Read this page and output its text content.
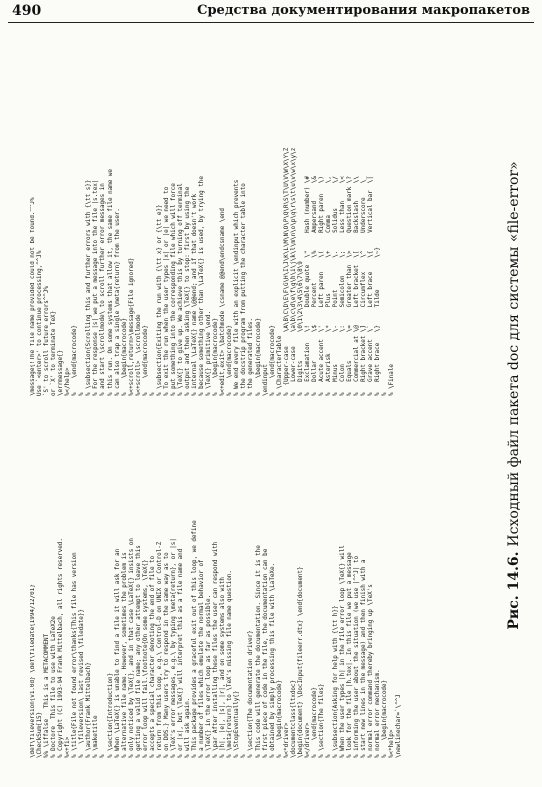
490	Средства документирования макропакетов
\def\fileversion{v1.0d} \def\filedate{1994/12/01} \CheckSum{15} %% \iffalse   This is a METACOMMENT % Doctore  This file to use with LaTeX2e % Copyright (C) 1993-94 Frank Mittelbach, all rights reserved. %<+fi> % \title{File not found error\thanks{This file has version %   \fileversion\ last revised \filedate}} % \author{Frank Mittelbach} % \maketitle % % \section{Introduction} % When \LaTeX{} is unable to find a file it will ask for an % alternative file name. However, sometimes the problem is % only noticed by \TeX{}, and in that case \LaTeX{} insists on % getting a valid file name; any other attempt to leave this % error loop will fail.\footnote{On some systems, \TeX{} % accepts a special character denoting the end of file to % return from this loop, e.g.\ Control-D on UNIX or Control-Z % on DOS.} Many users try to respond in the same way as to % \TeX's error messages, e.g.\ by typing \meta{return}, or |s| % or |x|, but \TeX{} will interpret this as a file name and % will ask again. % This package provides a graceful exit out of this loop, we define % a number of files which emulate the normal behavior of % \TeX{} in the error loop as far as possible. % \par After installing these files the user can respond with % |h|, |e|, |s|, |r|, and on some systems also with % \meta{return} to \TeX's missing file name question. % \StopEventually{} % % \section{The documentation driver} % This code will generate the documentation. Since it is the % first piece of code in the file, the documentation can be % obtained by simply processing this file with \LaTeXe. %    \begin{macrocode} %<*driver> \documentclass{ltxdoc} \begin{document} \DocInput{fileerr.dtx} \end{document} %</driver> %    \end{macrocode} % \section{The files} % % \subsection{Asking for help with {\tt h}} % When the user types |h| in the file error loop \TeX{} will % look for the file |h.tex|. In this file we put a message % informing the user about the situation (we use |^^J| to % start new lines in the message) and then finish with a % normal error command thereby bringing up \TeX's % normal error mechanism. %    \begin{macrocode} %<*help> \newlinechar=`\^^J
\message{!The file name provided could not be found.^^J% Use `<enter>' to continue processing,^^J% `S' to scroll future errors^^J% or `X' to terminate TeX} \errmessage{} %</help> %    \end{macrocode} % % \subsection{Scrolling this and further errors with {\tt s}} % For the response |s| we put a message into the file |s.tex| % and start \scrollmode\ to scroll further error messages in % this run. On some systems that allow it, the same file name we % can also trap a single \meta{return} from the user. %    \begin{macrocode} %<+scroll,return>\message{File ignored} %<+scroll>  \scrollmode %    \end{macrocode} % % \subsection{Exiting the run with {\tt x} or {\tt e}} % To exit the run when the user types |x| or |e| we need to % put something into the corresponding file which will force % \TeX{} to give up. We achieve this by turning off terminal % output and then asking \TeX{} to stop: first by using the % internal \LaTeX{} name \@@end; and if that doesn't work % because something other than \LaTeX{} is used, by trying the % \TeX{} primitive \end. %    \begin{macrocode} %<+edit,exit> \batchmode \csname @@end\endcsname \end %    \end{macrocode} % We end every file with an explicit \endinput which prevents % the docstrip program from putting the character table into % the generated files. %    \begin{macrocode} \endinput %    \end{macrocode} % \CharacterTable %  {Upper-case    \A\B\C\D\E\F\G\H\I\J\K\L\M\N\O\P\Q\R\S\T\U\V\W\X\Y\Z %   Lower-case    \a\b\c\d\e\f\g\h\i\j\k\l\m\n\o\p\q\r\s\t\u\v\w\x\y\z %   Digits        \0\1\2\3\4\5\6\7\8\9 %   Exclamation   \!     Double quote  \"     Hash (number) \# %   Dollar        \$     Percent       \%     Ampersand     \& %   Acute accent  \'     Left paren    \(     Right paren   \) %   Asterisk      \*     Plus          \+     Comma         \, %   Minus         \-     Point         \.     Solidus       \/ %   Colon         \:     Semicolon     \;     Less than     \< %   Equals        \=     Greater than  \>     Question mark \? %   Commercial at \@     Left bracket  \[     Backslash     \\ %   Right bracket \]     Circumflex    \^     Underscore    \_ %   Grave accent  \`     Left brace    \{     Vertical bar  \| %   Right brace   \}     Tilde         \~} % % \Finale
Рис. 14.6. Исходный файл пакета doc для системы «file-error»
